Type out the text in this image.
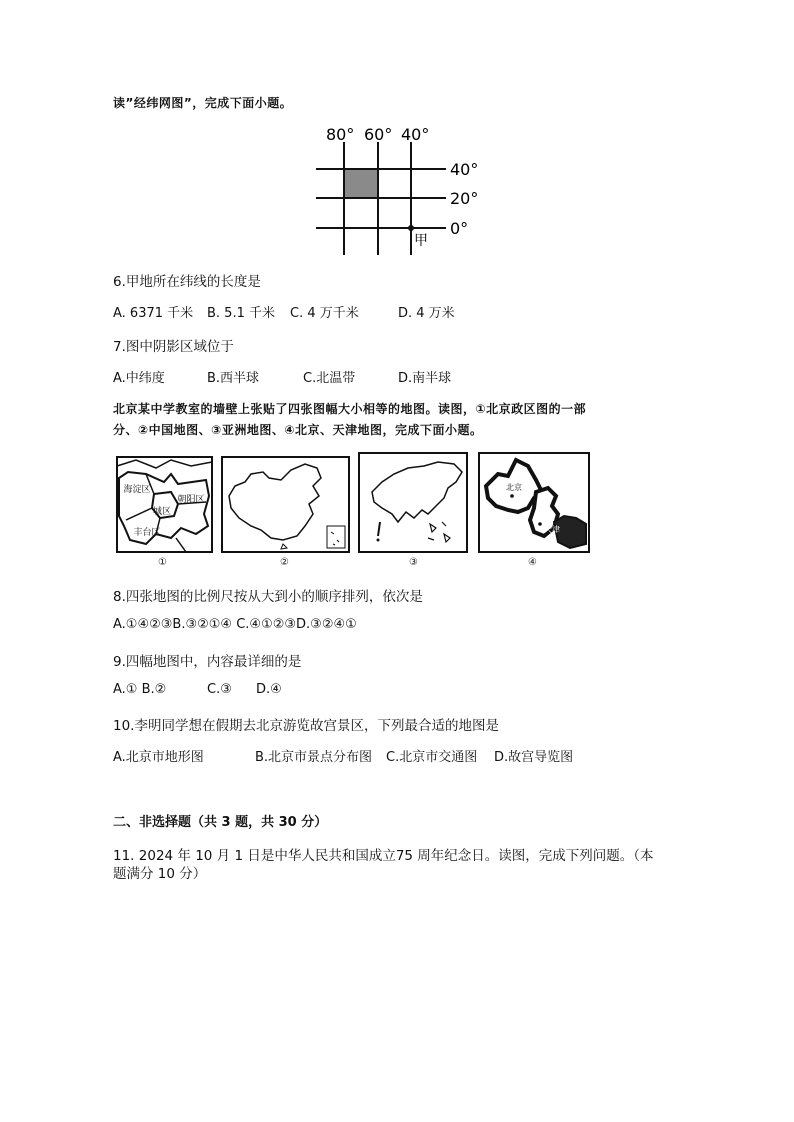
读”经纬网图”，完成下面小题。
80° 60° 40°
40°
20°
0°
甲
6.甲地所在纬线的长度是
A. 6371 千米 B. 5.1 千米 C. 4 万千米	D. 4 万米
7.图中阴影区域位于
A.中纬度	B.西半球	C.北温带	D.南半球
北京某中学教室的墙壁上张贴了四张图幅大小相等的地图。读图，①北京政区图的一部
分、②中国地图、③亚洲地图、④北京、天津地图，完成下面小题。
海淀区
朝阳区
城区
丰台区
北京
天津
①	②	③	④
8.四张地图的比例尺按从大到小的顺序排列，依次是
A.①④②③B.③②①④ C.④①②③D.③②④①
9.四幅地图中，内容最详细的是
A.① B.②	C.③ D.④
10.李明同学想在假期去北京游览故宫景区，下列最合适的地图是
A.北京市地形图	B.北京市景点分布图 C.北京市交通图 D.故宫导览图
二、非选择题（共 3 题，共 30 分）
11. 2024 年 10 月 1 日是中华人民共和国成立75 周年纪念日。读图，完成下列问题。（本
题满分 10 分）
